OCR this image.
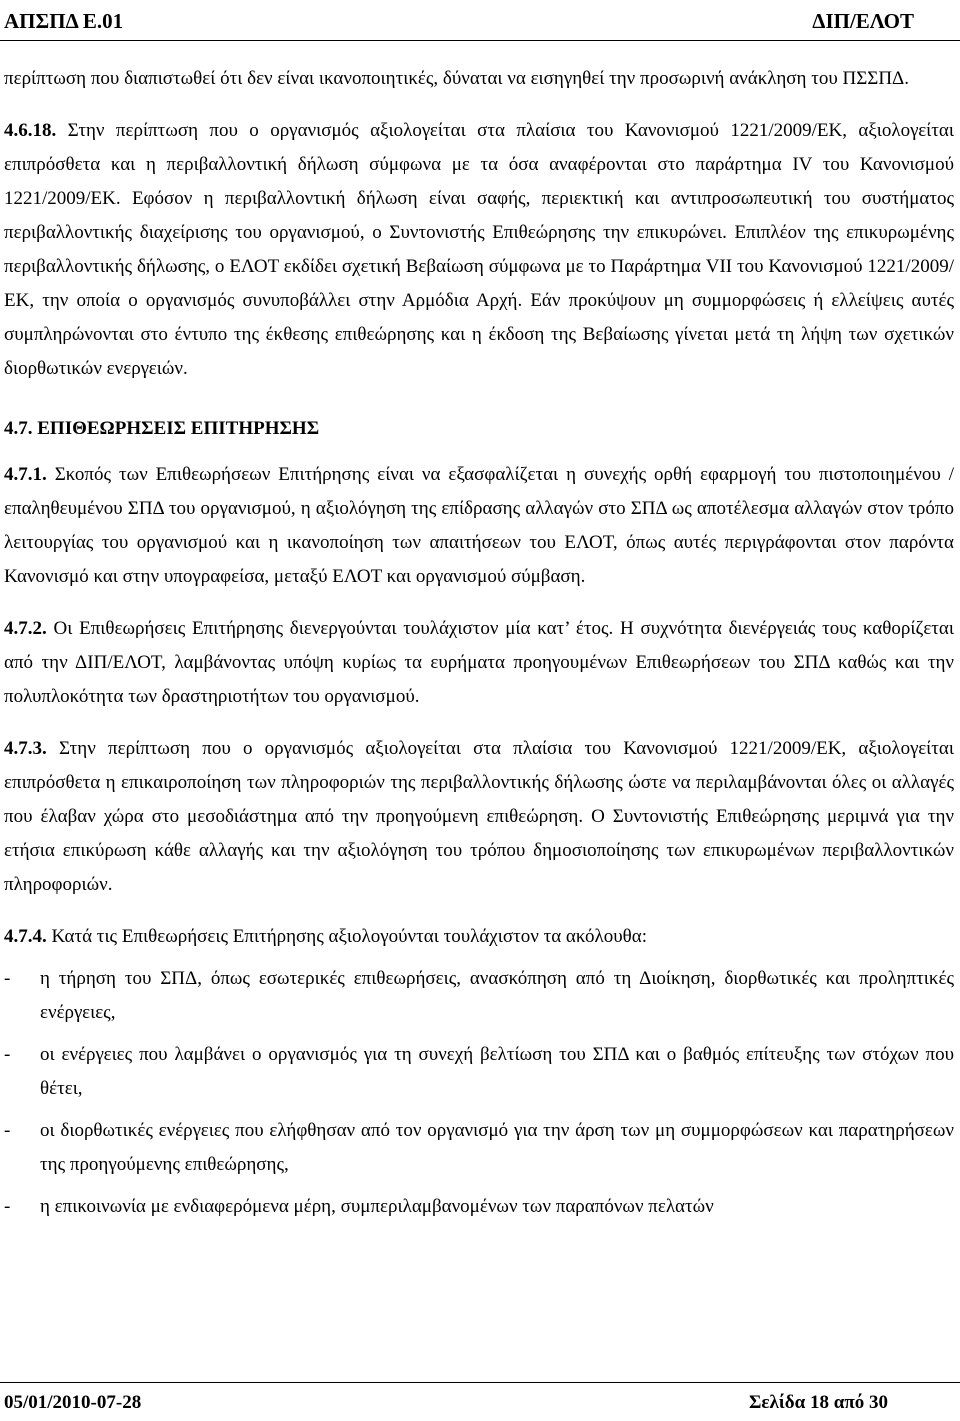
ΑΠΣΠΔ Ε.01	ΔΙΠ/ΕΛΟΤ

περίπτωση που διαπιστωθεί ότι δεν είναι ικανοποιητικές, δύναται να εισηγηθεί την προσωρινή ανάκληση του ΠΣΣΠΔ.

4.6.18. Στην περίπτωση που ο οργανισμός αξιολογείται στα πλαίσια του Κανονισμού 1221/2009/ΕΚ, αξιολογείται επιπρόσθετα και η περιβαλλοντική δήλωση σύμφωνα με τα όσα αναφέρονται στο παράρτημα IV του Κανονισμού 1221/2009/ΕΚ. Εφόσον η περιβαλλοντική δήλωση είναι σαφής, περιεκτική και αντιπροσωπευτική του συστήματος περιβαλλοντικής διαχείρισης του οργανισμού, ο Συντονιστής Επιθεώρησης την επικυρώνει. Επιπλέον της επικυρωμένης περιβαλλοντικής δήλωσης, ο ΕΛΟΤ εκδίδει σχετική Βεβαίωση σύμφωνα με το Παράρτημα VII του Κανονισμού 1221/2009/ΕΚ, την οποία ο οργανισμός συνυποβάλλει στην Αρμόδια Αρχή. Εάν προκύψουν μη συμμορφώσεις ή ελλείψεις αυτές συμπληρώνονται στο έντυπο της έκθεσης επιθεώρησης και η έκδοση της Βεβαίωσης γίνεται μετά τη λήψη των σχετικών διορθωτικών ενεργειών.

4.7. ΕΠΙΘΕΩΡΗΣΕΙΣ ΕΠΙΤΗΡΗΣΗΣ

4.7.1. Σκοπός των Επιθεωρήσεων Επιτήρησης είναι να εξασφαλίζεται η συνεχής ορθή εφαρμογή του πιστοποιημένου / επαληθευμένου ΣΠΔ του οργανισμού, η αξιολόγηση της επίδρασης αλλαγών στο ΣΠΔ ως αποτέλεσμα αλλαγών στον τρόπο λειτουργίας του οργανισμού και η ικανοποίηση των απαιτήσεων του ΕΛΟΤ, όπως αυτές περιγράφονται στον παρόντα Κανονισμό και στην υπογραφείσα, μεταξύ ΕΛΟΤ και οργανισμού σύμβαση.

4.7.2. Οι Επιθεωρήσεις Επιτήρησης διενεργούνται τουλάχιστον μία κατ’ έτος. Η συχνότητα διενέργειάς τους καθορίζεται από την ΔΙΠ/ΕΛΟΤ, λαμβάνοντας υπόψη κυρίως τα ευρήματα προηγουμένων Επιθεωρήσεων του ΣΠΔ καθώς και την πολυπλοκότητα των δραστηριοτήτων του οργανισμού.

4.7.3. Στην περίπτωση που ο οργανισμός αξιολογείται στα πλαίσια του Κανονισμού 1221/2009/ΕΚ, αξιολογείται επιπρόσθετα η επικαιροποίηση των πληροφοριών της περιβαλλοντικής δήλωσης ώστε να περιλαμβάνονται όλες οι αλλαγές που έλαβαν χώρα στο μεσοδιάστημα από την προηγούμενη επιθεώρηση. Ο Συντονιστής Επιθεώρησης μεριμνά για την ετήσια επικύρωση κάθε αλλαγής και την αξιολόγηση του τρόπου δημοσιοποίησης των επικυρωμένων περιβαλλοντικών πληροφοριών.

4.7.4. Κατά τις Επιθεωρήσεις Επιτήρησης αξιολογούνται τουλάχιστον τα ακόλουθα:

- η τήρηση του ΣΠΔ, όπως εσωτερικές επιθεωρήσεις, ανασκόπηση από τη Διοίκηση, διορθωτικές και προληπτικές ενέργειες,
- οι ενέργειες που λαμβάνει ο οργανισμός για τη συνεχή βελτίωση του ΣΠΔ και ο βαθμός επίτευξης των στόχων που θέτει,
- οι διορθωτικές ενέργειες που ελήφθησαν από τον οργανισμό για την άρση των μη συμμορφώσεων και παρατηρήσεων της προηγούμενης επιθεώρησης,
- η επικοινωνία με ενδιαφερόμενα μέρη, συμπεριλαμβανομένων των παραπόνων πελατών
05/01/2010-07-28	Σελίδα 18 από 30
